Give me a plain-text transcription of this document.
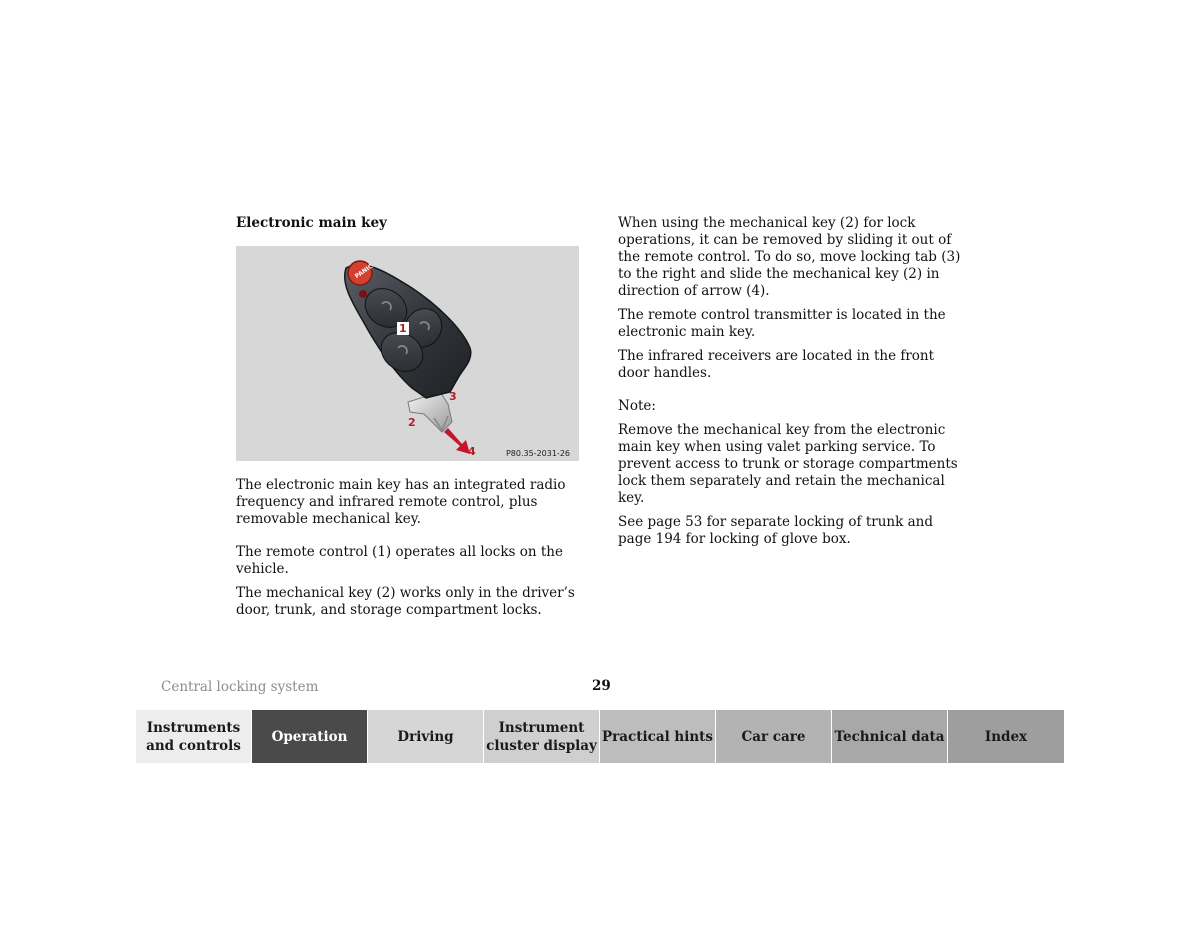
Electronic main key
PANIC
1
2
3
4	P80.35-2031-26

The electronic main key has an integrated radio frequency and infrared remote control, plus removable mechanical key.

The remote control (1) operates all locks on the vehicle.

The mechanical key (2) works only in the driver’s door, trunk, and storage compartment locks.

When using the mechanical key (2) for lock operations, it can be removed by sliding it out of the remote control. To do so, move locking tab (3) to the right and slide the mechanical key (2) in direction of arrow (4).

The remote control transmitter is located in the electronic main key.

The infrared receivers are located in the front door handles.

Note:

Remove the mechanical key from the electronic main key when using valet parking service. To prevent access to trunk or storage compartments lock them separately and retain the mechanical key.

See page 53 for separate locking of trunk and page 194 for locking of glove box.

Central locking system	29
Instruments and controls
Operation	Driving
Instrument cluster display
Practical hints	Car care	Technical data	Index
